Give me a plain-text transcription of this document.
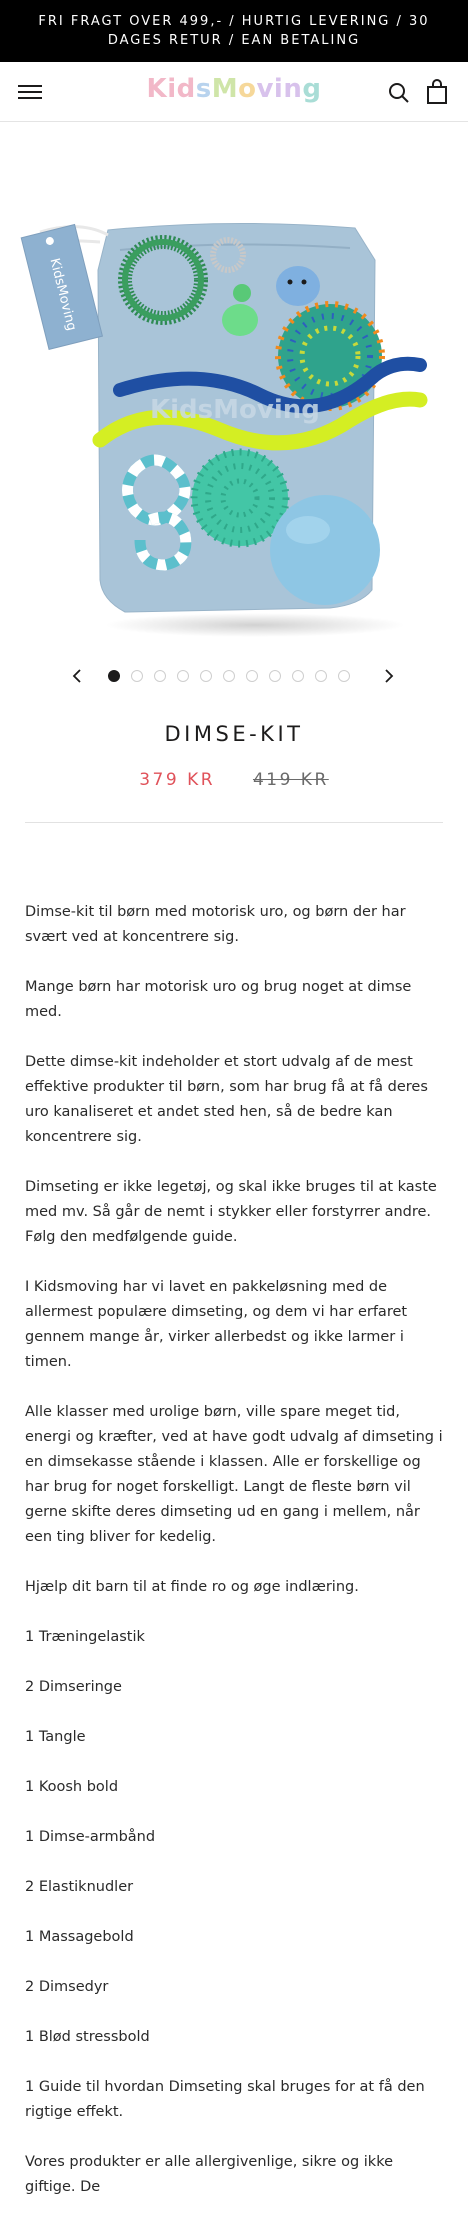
FRI FRAGT OVER 499,- / HURTIG LEVERING / 30 DAGES RETUR / EAN BETALING
KidsMoving
KidsMoving
KidsMoving
DIMSE-KIT
379 KR 419 KR

Dimse-kit til børn med motorisk uro, og børn der har svært ved at koncentrere sig.

Mange børn har motorisk uro og brug noget at dimse med.

Dette dimse-kit indeholder et stort udvalg af de mest effektive produkter til børn, som har brug få at få deres uro kanaliseret et andet sted hen, så de bedre kan koncentrere sig.

Dimseting er ikke legetøj, og skal ikke bruges til at kaste med mv. Så går de nemt i stykker eller forstyrrer andre. Følg den medfølgende guide.

I Kidsmoving har vi lavet en pakkeløsning med de allermest populære dimseting, og dem vi har erfaret gennem mange år, virker allerbedst og ikke larmer i timen.

Alle klasser med urolige børn, ville spare meget tid, energi og kræfter, ved at have godt udvalg af dimseting i en dimsekasse stående i klassen. Alle er forskellige og har brug for noget forskelligt. Langt de fleste børn vil gerne skifte deres dimseting ud en gang i mellem, når een ting bliver for kedelig.

Hjælp dit barn til at finde ro og øge indlæring.

1 Træningelastik

2 Dimseringe

1 Tangle

1 Koosh bold

1 Dimse-armbånd

2 Elastiknudler

1 Massagebold

2 Dimsedyr

1 Blød stressbold

1 Guide til hvordan Dimseting skal bruges for at få den rigtige effekt.

Vores produkter er alle allergivenlige, sikre og ikke giftige. De
